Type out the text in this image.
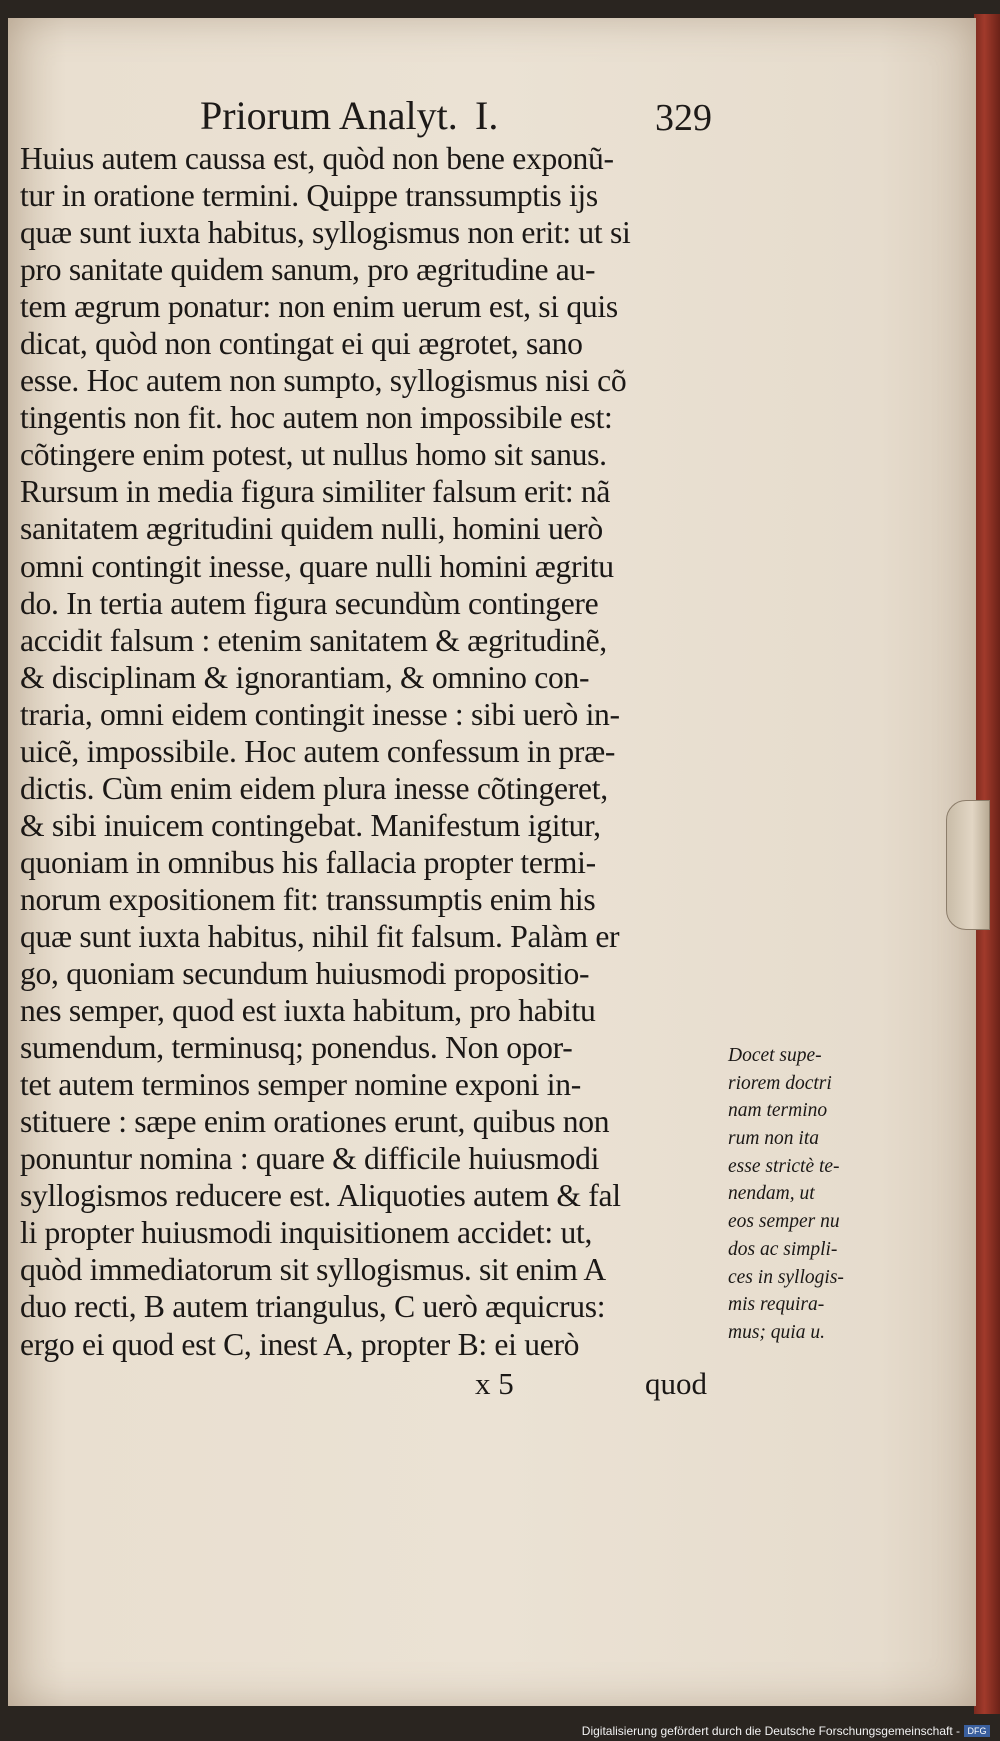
Priorum Analyt. I.	329
Huius autem caussa est, quòd non bene exponũ-
tur in oratione termini. Quippe transsumptis ijs
quæ sunt iuxta habitus, syllogismus non erit: ut si
pro sanitate quidem sanum, pro ægritudine au-
tem ægrum ponatur: non enim uerum est, si quis
dicat, quòd non contingat ei qui ægrotet, sano
esse. Hoc autem non sumpto, syllogismus nisi cõ
tingentis non fit. hoc autem non impossibile est:
cõtingere enim potest, ut nullus homo sit sanus.
Rursum in media figura similiter falsum erit: nã
sanitatem ægritudini quidem nulli, homini uerò
omni contingit inesse, quare nulli homini ægritu
do. In tertia autem figura secundùm contingere
accidit falsum : etenim sanitatem & ægritudinẽ,
& disciplinam & ignorantiam, & omnino con-
traria, omni eidem contingit inesse : sibi uerò in-
uicẽ, impossibile. Hoc autem confessum in præ-
dictis. Cùm enim eidem plura inesse cõtingeret,
& sibi inuicem contingebat. Manifestum igitur,
quoniam in omnibus his fallacia propter termi-
norum expositionem fit: transsumptis enim his
quæ sunt iuxta habitus, nihil fit falsum. Palàm er
go, quoniam secundum huiusmodi propositio-
nes semper, quod est iuxta habitum, pro habitu
sumendum, terminusq; ponendus. Non opor-
tet autem terminos semper nomine exponi in-
stituere : sæpe enim orationes erunt, quibus non
ponuntur nomina : quare & difficile huiusmodi
syllogismos reducere est. Aliquoties autem & fal
li propter huiusmodi inquisitionem accidet: ut,
quòd immediatorum sit syllogismus. sit enim A
duo recti, B autem triangulus, C uerò æquicrus:
ergo ei quod est C, inest A, propter B: ei uerò
x 5	quod
Docet supe-
riorem doctri
nam termino
rum non ita
esse strictè te-
nendam, ut
eos semper nu
dos ac simpli-
ces in syllogis-
mis requira-
mus; quia u.
Digitalisierung gefördert durch die Deutsche Forschungsgemeinschaft - DFG
